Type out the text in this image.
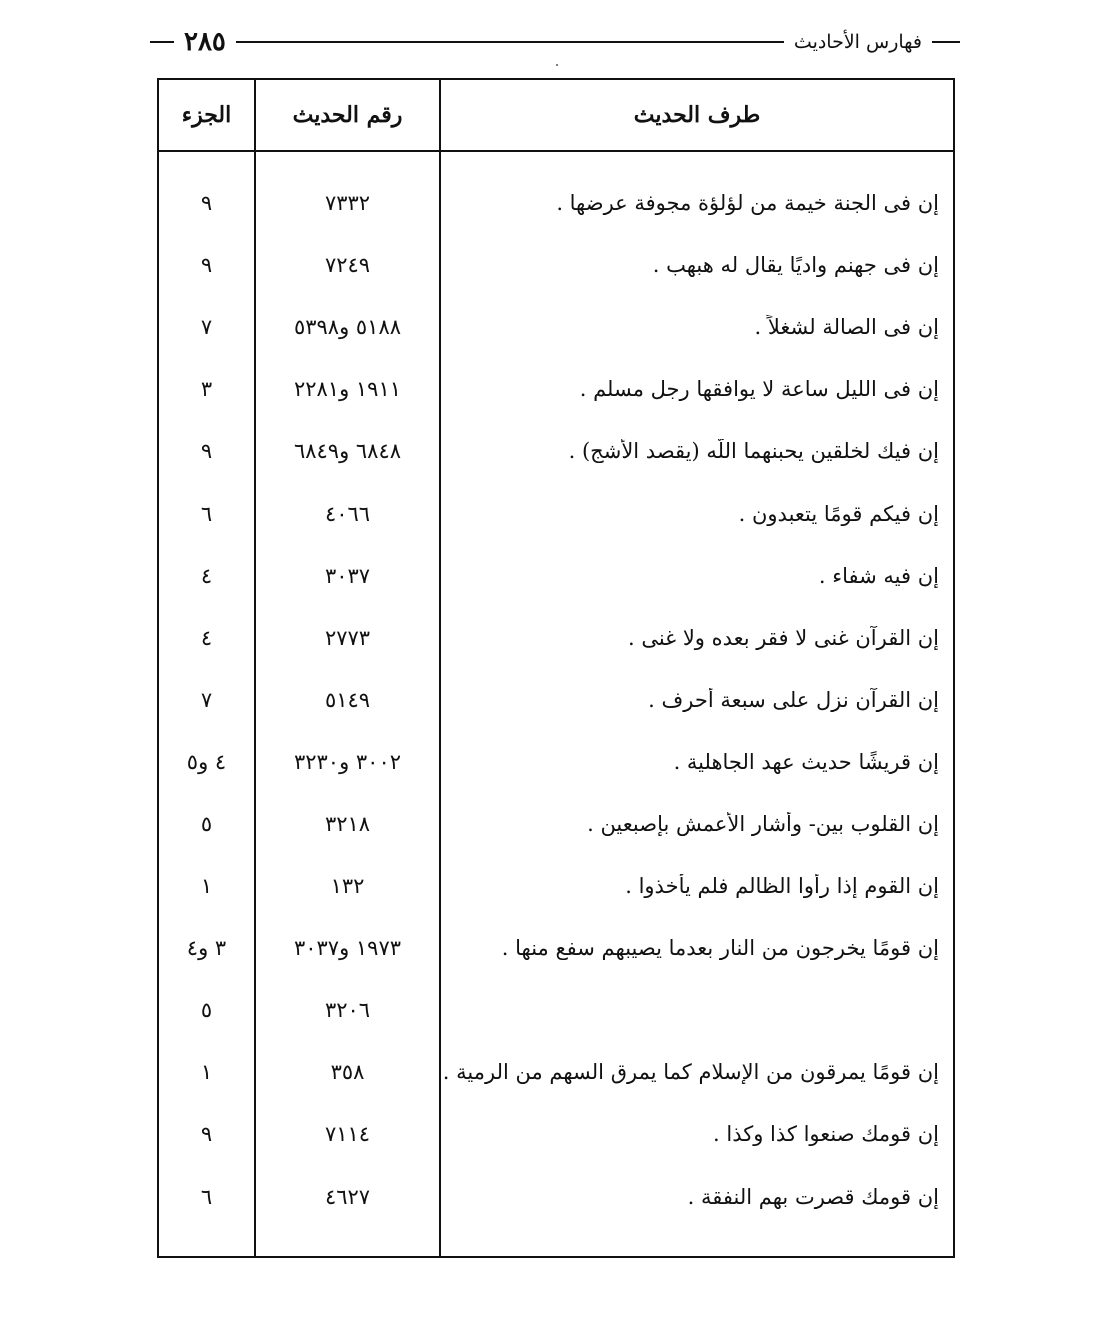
فهارس الأحاديث
٢٨٥
طرف الحديث
رقم الحديث
الجزء
إن فى الجنة خيمة من لؤلؤة مجوفة عرضها .
٧٣٣٢
٩
إن فى جهنم واديًا يقال له هبهب .
٧٢٤٩
٩
إن فى الصالة لشغلاً .
٥١٨٨ و٥٣٩٨
٧
إن فى الليل ساعة لا يوافقها رجل مسلم .
١٩١١ و٢٢٨١
٣
إن فيك لخلقين يحبنهما اللَّه (يقصد الأشج) .
٦٨٤٨ و٦٨٤٩
٩
إن فيكم قومًا يتعبدون .
٤٠٦٦
٦
إن فيه شفاء .
٣٠٣٧
٤
إن القرآن غنى لا فقر بعده ولا غنى .
٢٧٧٣
٤
إن القرآن نزل على سبعة أحرف .
٥١٤٩
٧
إن قريشًا حديث عهد الجاهلية .
٣٠٠٢ و٣٢٣٠
٤ و٥
إن القلوب بين- وأشار الأعمش بإصبعين .
٣٢١٨
٥
إن القوم إذا رأوا الظالم فلم يأخذوا .
١٣٢
١
إن قومًا يخرجون من النار بعدما يصيبهم سفع منها .
١٩٧٣ و٣٠٣٧
٣ و٤
٣٢٠٦
٥
إن قومًا يمرقون من الإسلام كما يمرق السهم من الرمية .
٣٥٨
١
إن قومك صنعوا كذا وكذا .
٧١١٤
٩
إن قومك قصرت بهم النفقة .
٤٦٢٧
٦
